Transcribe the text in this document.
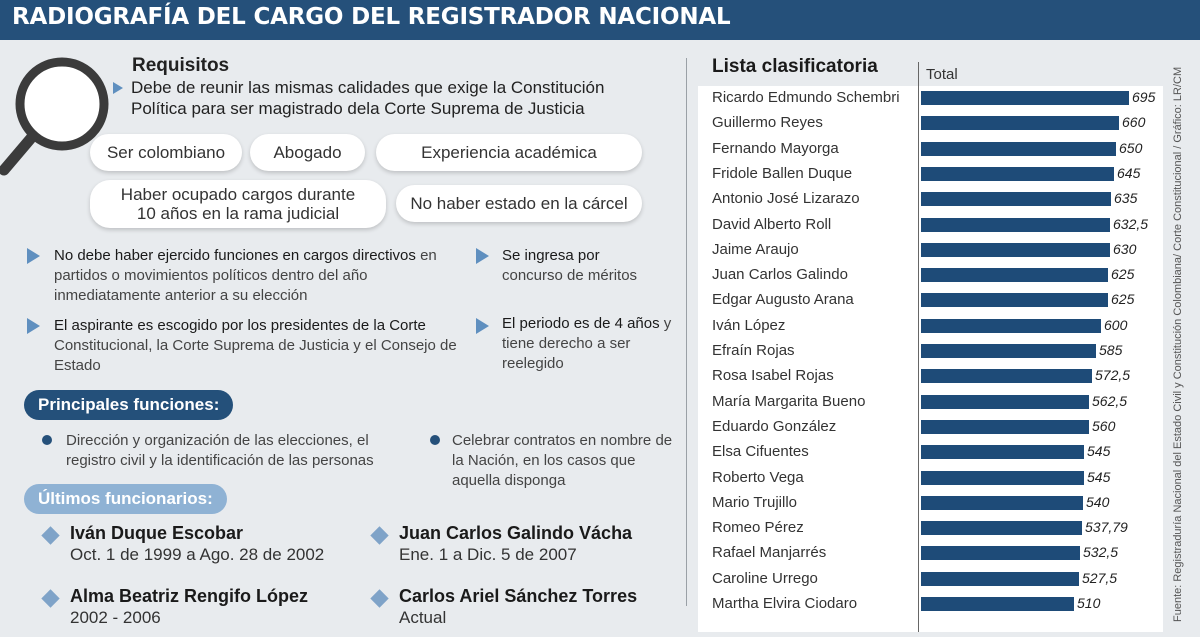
RADIOGRAFÍA DEL CARGO DEL REGISTRADOR NACIONAL
Requisitos
Debe de reunir las mismas calidades que exige la Constitución Política para ser magistrado dela Corte Suprema de Justicia
Ser colombiano	Abogado	Experiencia académica
Haber ocupado cargos durante 10 años en la rama judicial
No haber estado en la cárcel
No debe haber ejercido funciones en cargos directivos en partidos o movimientos políticos dentro del año inmediatamente anterior a su elección
Se ingresa por concurso de méritos
El aspirante es escogido por los presidentes de la Corte Constitucional, la Corte Suprema de Justicia y el Consejo de Estado
El periodo es de 4 años y tiene derecho a ser reelegido
Principales funciones:
Dirección y organización de las elecciones, el registro civil y la identificación de las personas
Celebrar contratos en nombre de la Nación, en los casos que aquella disponga
Últimos funcionarios:
Iván Duque Escobar
Oct. 1 de 1999 a Ago. 28 de 2002
Juan Carlos Galindo Vácha
Ene. 1 a Dic. 5 de 2007
Alma Beatriz Rengifo López
2002 - 2006
Carlos Ariel Sánchez Torres
Actual
Lista clasificatoria	Total
Ricardo Edmundo Schembri	695
Guillermo Reyes	660
Fernando Mayorga	650
Fridole Ballen Duque	645
Antonio José Lizarazo	635
David Alberto Roll	632,5
Jaime Araujo	630
Juan Carlos Galindo	625
Edgar Augusto Arana	625
Iván López	600
Efraín Rojas	585
Rosa Isabel Rojas	572,5
María Margarita Bueno	562,5
Eduardo González	560
Elsa Cifuentes	545
Roberto Vega	545
Mario Trujillo	540
Romeo Pérez	537,79
Rafael Manjarrés	532,5
Caroline Urrego	527,5
Martha Elvira Ciodaro	510	Fuente: Registraduría Nacional del Estado Civil y Constitución Colombiana/ Corte Constitucional / Gráfico: LR/CM
